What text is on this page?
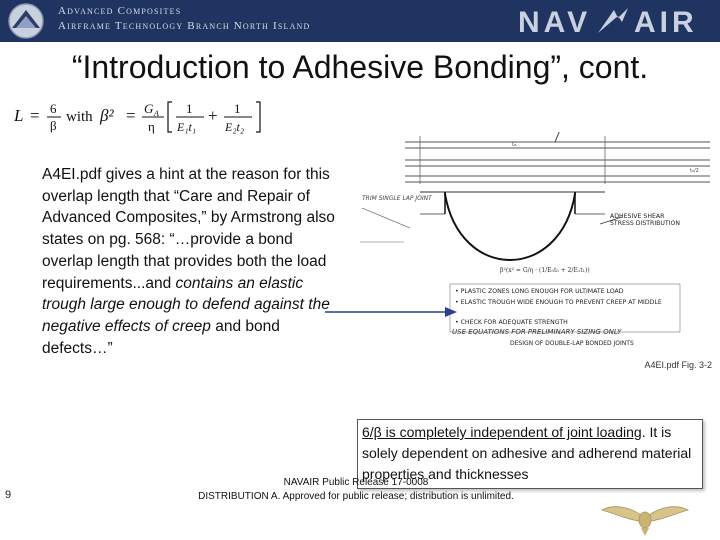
Advanced Composites
Airframe Technology Branch North Island	NAV AIR
“Introduction to Adhesive Bonding”, cont.
L = 6
β
with β² = G A
η
1
E₁t₁
+ 1
E₂t₂
A4EI.pdf gives a hint at the reason for this overlap length that “Care and Repair of Advanced Composites,” by Armstrong also states on pg. 568: “…provide a bond overlap length that provides both the load requirements...and contains an elastic trough large enough to defend against the negative effects of creep and bond defects…”
G.
t₀/2
TRIM SINGLE LAP JOINT
ADHESIVE SHEAR STRESS DISTRIBUTION
β²(x² = G/η · (1/E₀t₀ + 2/E₁t₁))
• PLASTIC ZONES LONG ENOUGH FOR ULTIMATE LOAD • ELASTIC TROUGH WIDE ENOUGH TO PREVENT CREEP AT MIDDLE • CHECK FOR ADEQUATE STRENGTH
USE EQUATIONS FOR PRELIMINARY SIZING ONLY
DESIGN OF DOUBLE-LAP BONDED JOINTS
A4EI.pdf Fig. 3-2
6/β is completely independent of joint loading. It is solely dependent on adhesive and adherend material properties and thicknesses
9
NAVAIR Public Release 17-0008
DISTRIBUTION A. Approved for public release; distribution is unlimited.
